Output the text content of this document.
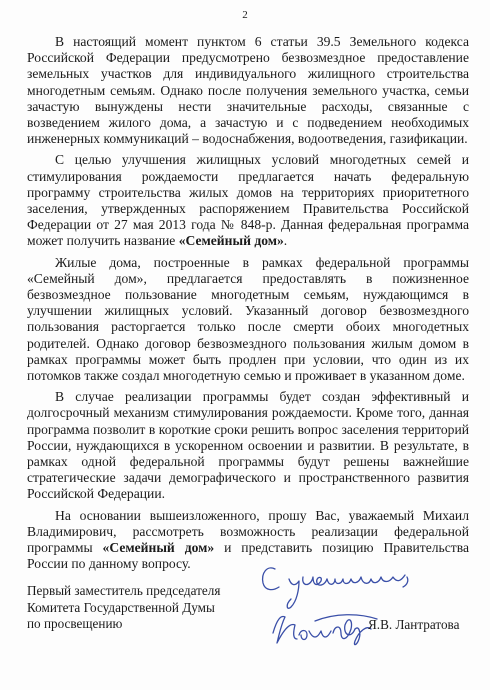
2

В настоящий момент пунктом 6 статьи 39.5 Земельного кодекса Российской Федерации предусмотрено безвозмездное предоставление земельных участков для индивидуального жилищного строительства многодетным семьям. Однако после получения земельного участка, семьи зачастую вынуждены нести значительные расходы, связанные с возведением жилого дома, а зачастую и с подведением необходимых инженерных коммуникаций – водоснабжения, водоотведения, газификации.

С целью улучшения жилищных условий многодетных семей и стимулирования рождаемости предлагается начать федеральную программу строительства жилых домов на территориях приоритетного заселения, утвержденных распоряжением Правительства Российской Федерации от 27 мая 2013 года № 848-р. Данная федеральная программа может получить название «Семейный дом».

Жилые дома, построенные в рамках федеральной программы «Семейный дом», предлагается предоставлять в пожизненное безвозмездное пользование многодетным семьям, нуждающимся в улучшении жилищных условий. Указанный договор безвозмездного пользования расторгается только после смерти обоих многодетных родителей. Однако договор безвозмездного пользования жилым домом в рамках программы может быть продлен при условии, что один из их потомков также создал многодетную семью и проживает в указанном доме.

В случае реализации программы будет создан эффективный и долгосрочный механизм стимулирования рождаемости. Кроме того, данная программа позволит в короткие сроки решить вопрос заселения территорий России, нуждающихся в ускоренном освоении и развитии. В результате, в рамках одной федеральной программы будут решены важнейшие стратегические задачи демографического и пространственного развития Российской Федерации.

На основании вышеизложенного, прошу Вас, уважаемый Михаил Владимирович, рассмотреть возможность реализации федеральной программы «Семейный дом» и представить позицию Правительства России по данному вопросу.

Первый заместитель председателя
Комитета Государственной Думы
по просвещению	Я.В. Лантратова
